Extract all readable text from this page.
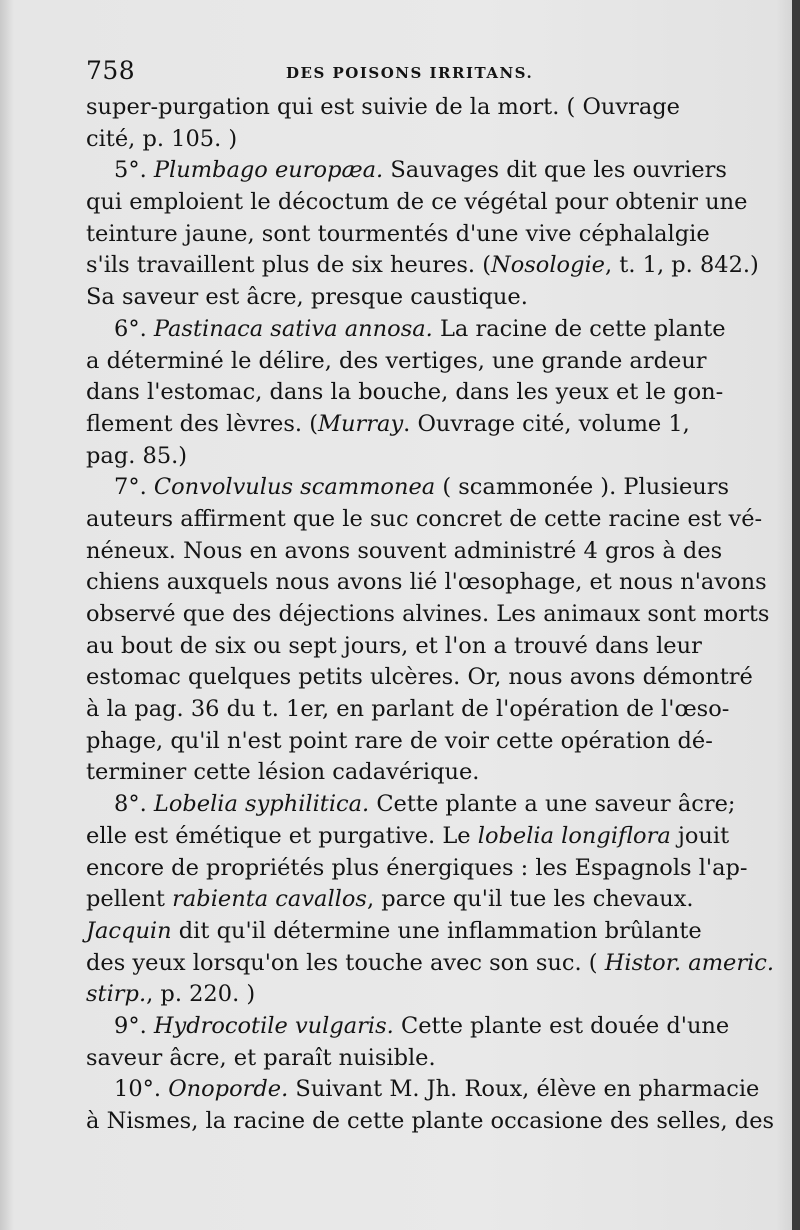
758	DES POISONS IRRITANS.
super-purgation qui est suivie de la mort. ( Ouvrage
cité, p. 105. )
5°. Plumbago europæa. Sauvages dit que les ouvriers
qui emploient le décoctum de ce végétal pour obtenir une
teinture jaune, sont tourmentés d'une vive céphalalgie
s'ils travaillent plus de six heures. (Nosologie, t. 1, p. 842.)
Sa saveur est âcre, presque caustique.
6°. Pastinaca sativa annosa. La racine de cette plante
a déterminé le délire, des vertiges, une grande ardeur
dans l'estomac, dans la bouche, dans les yeux et le gon-
flement des lèvres. (Murray. Ouvrage cité, volume 1,
pag. 85.)
7°. Convolvulus scammonea ( scammonée ). Plusieurs
auteurs affirment que le suc concret de cette racine est vé-
néneux. Nous en avons souvent administré 4 gros à des
chiens auxquels nous avons lié l'œsophage, et nous n'avons
observé que des déjections alvines. Les animaux sont morts
au bout de six ou sept jours, et l'on a trouvé dans leur
estomac quelques petits ulcères. Or, nous avons démontré
à la pag. 36 du t. 1er, en parlant de l'opération de l'œso-
phage, qu'il n'est point rare de voir cette opération dé-
terminer cette lésion cadavérique.
8°. Lobelia syphilitica. Cette plante a une saveur âcre;
elle est émétique et purgative. Le lobelia longiflora jouit
encore de propriétés plus énergiques : les Espagnols l'ap-
pellent rabienta cavallos, parce qu'il tue les chevaux.
Jacquin dit qu'il détermine une inflammation brûlante
des yeux lorsqu'on les touche avec son suc. ( Histor. americ.
stirp., p. 220. )
9°. Hydrocotile vulgaris. Cette plante est douée d'une
saveur âcre, et paraît nuisible.
10°. Onoporde. Suivant M. Jh. Roux, élève en pharmacie
à Nismes, la racine de cette plante occasione des selles, des
